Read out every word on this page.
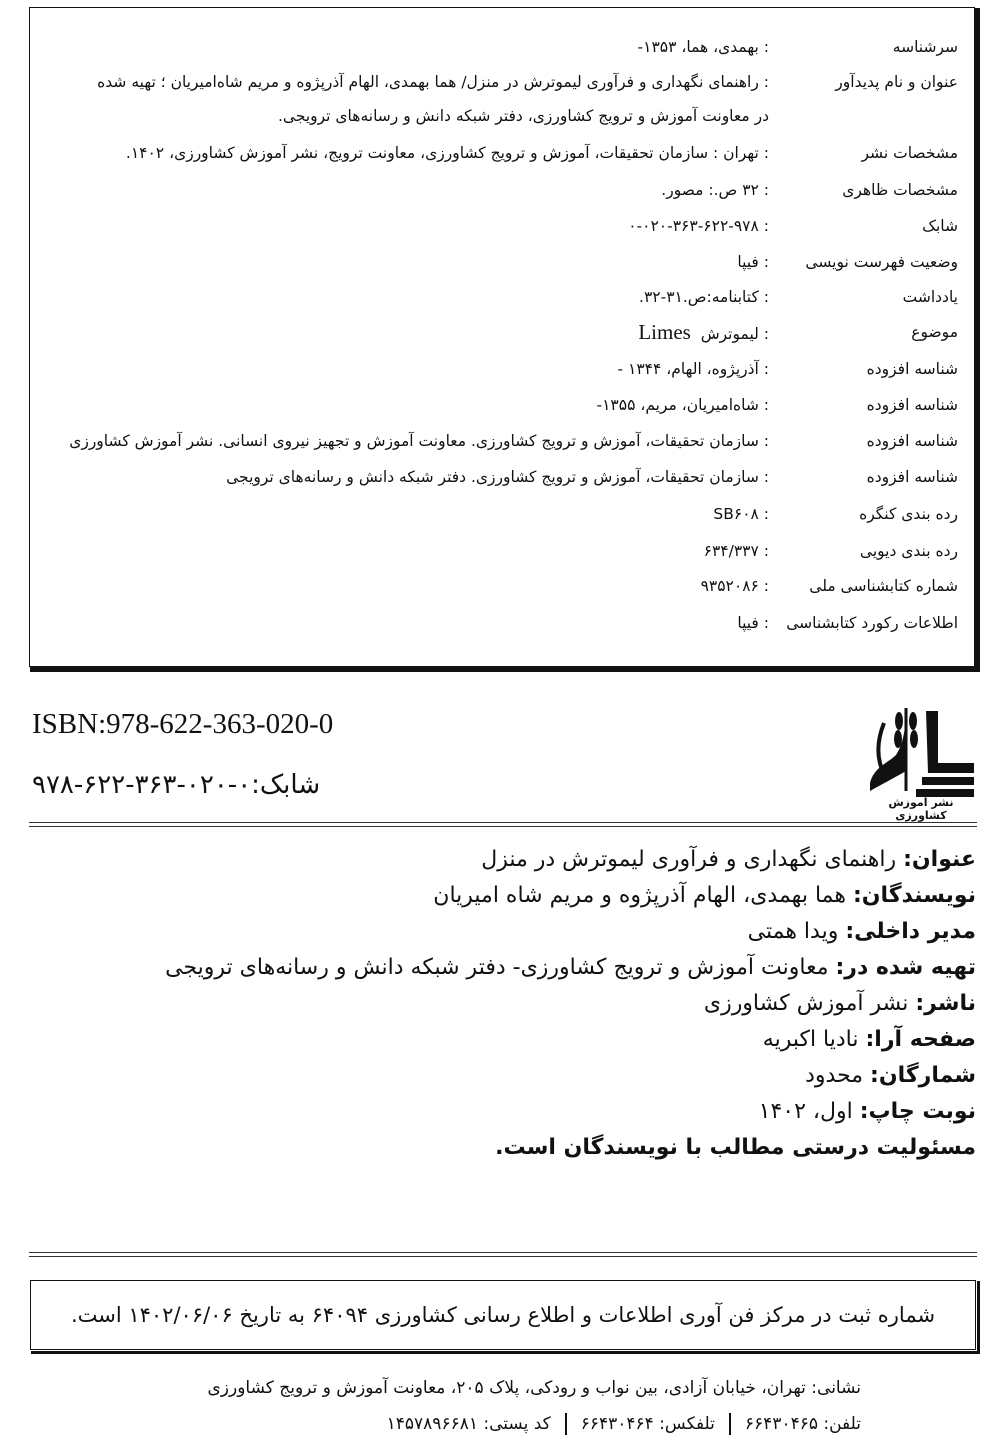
سرشناسه
: بهمدی، هما، ۱۳۵۳-
عنوان و نام پدیدآور
: راهنمای نگهداری و فرآوری لیموترش در منزل/ هما بهمدی، الهام آذرپژوه و مریم شاه‌امیریان ؛ تهیه شده
در معاونت آموزش و ترویج کشاورزی، دفتر شبکه دانش و رسانه‌های ترویجی.
مشخصات نشر
: تهران : سازمان تحقیقات، آموزش و ترویج کشاورزی، معاونت ترویج، نشر آموزش کشاورزی، ۱۴۰۲.
مشخصات ظاهری
: ۳۲ ص.: مصور.
شابک
: ۰-۰۲۰-۳۶۳-۶۲۲-۹۷۸
وضعیت فهرست نویسی
: فیپا
یادداشت
: کتابنامه:ص.۳۱-۳۲.
موضوع
: لیموترش  Limes
شناسه افزوده
: آذرپژوه، الهام، ۱۳۴۴ -
شناسه افزوده
: شاه‌امیریان، مریم، ۱۳۵۵-
شناسه افزوده
: سازمان تحقیقات، آموزش و ترویج کشاورزی. معاونت آموزش و تجهیز نیروی انسانی. نشر آموزش کشاورزی
شناسه افزوده
: سازمان تحقیقات، آموزش و ترویج کشاورزی. دفتر شبکه دانش و رسانه‌های ترویجی
رده بندی کنگره
: SB۶۰۸
رده بندی دیویی
: ۶۳۴/۳۳۷
شماره کتابشناسی ملی
: ۹۳۵۲۰۸۶
اطلاعات رکورد کتابشناسی
: فیپا
ISBN:978-622-363-020-0
شابک:۰-۰۲۰-۳۶۳-۶۲۲-۹۷۸
نشر آموزش کشاورزی
عنوان: راهنمای نگهداری و فرآوری لیموترش در منزل
نویسندگان: هما بهمدی، الهام آذرپژوه و مریم شاه امیریان
مدیر داخلی: ویدا همتی
تهیه شده در: معاونت آموزش و ترویج کشاورزی- دفتر شبکه دانش و رسانه‌های ترویجی
ناشر: نشر آموزش کشاورزی
صفحه آرا: نادیا اکبریه
شمارگان: محدود
نوبت چاپ: اول، ۱۴۰۲
مسئولیت درستی مطالب با نویسندگان است.
شماره ثبت در مرکز فن آوری اطلاعات و اطلاع رسانی کشاورزی ۶۴۰۹۴ به تاریخ ۱۴۰۲/۰۶/۰۶ است.
نشانی: تهران، خیابان آزادی، بین نواب و رودکی، پلاک ۲۰۵، معاونت آموزش و ترویج کشاورزی
تلفن: ۶۶۴۳۰۴۶۵تلفکس: ۶۶۴۳۰۴۶۴کد پستی: ۱۴۵۷۸۹۶۶۸۱
